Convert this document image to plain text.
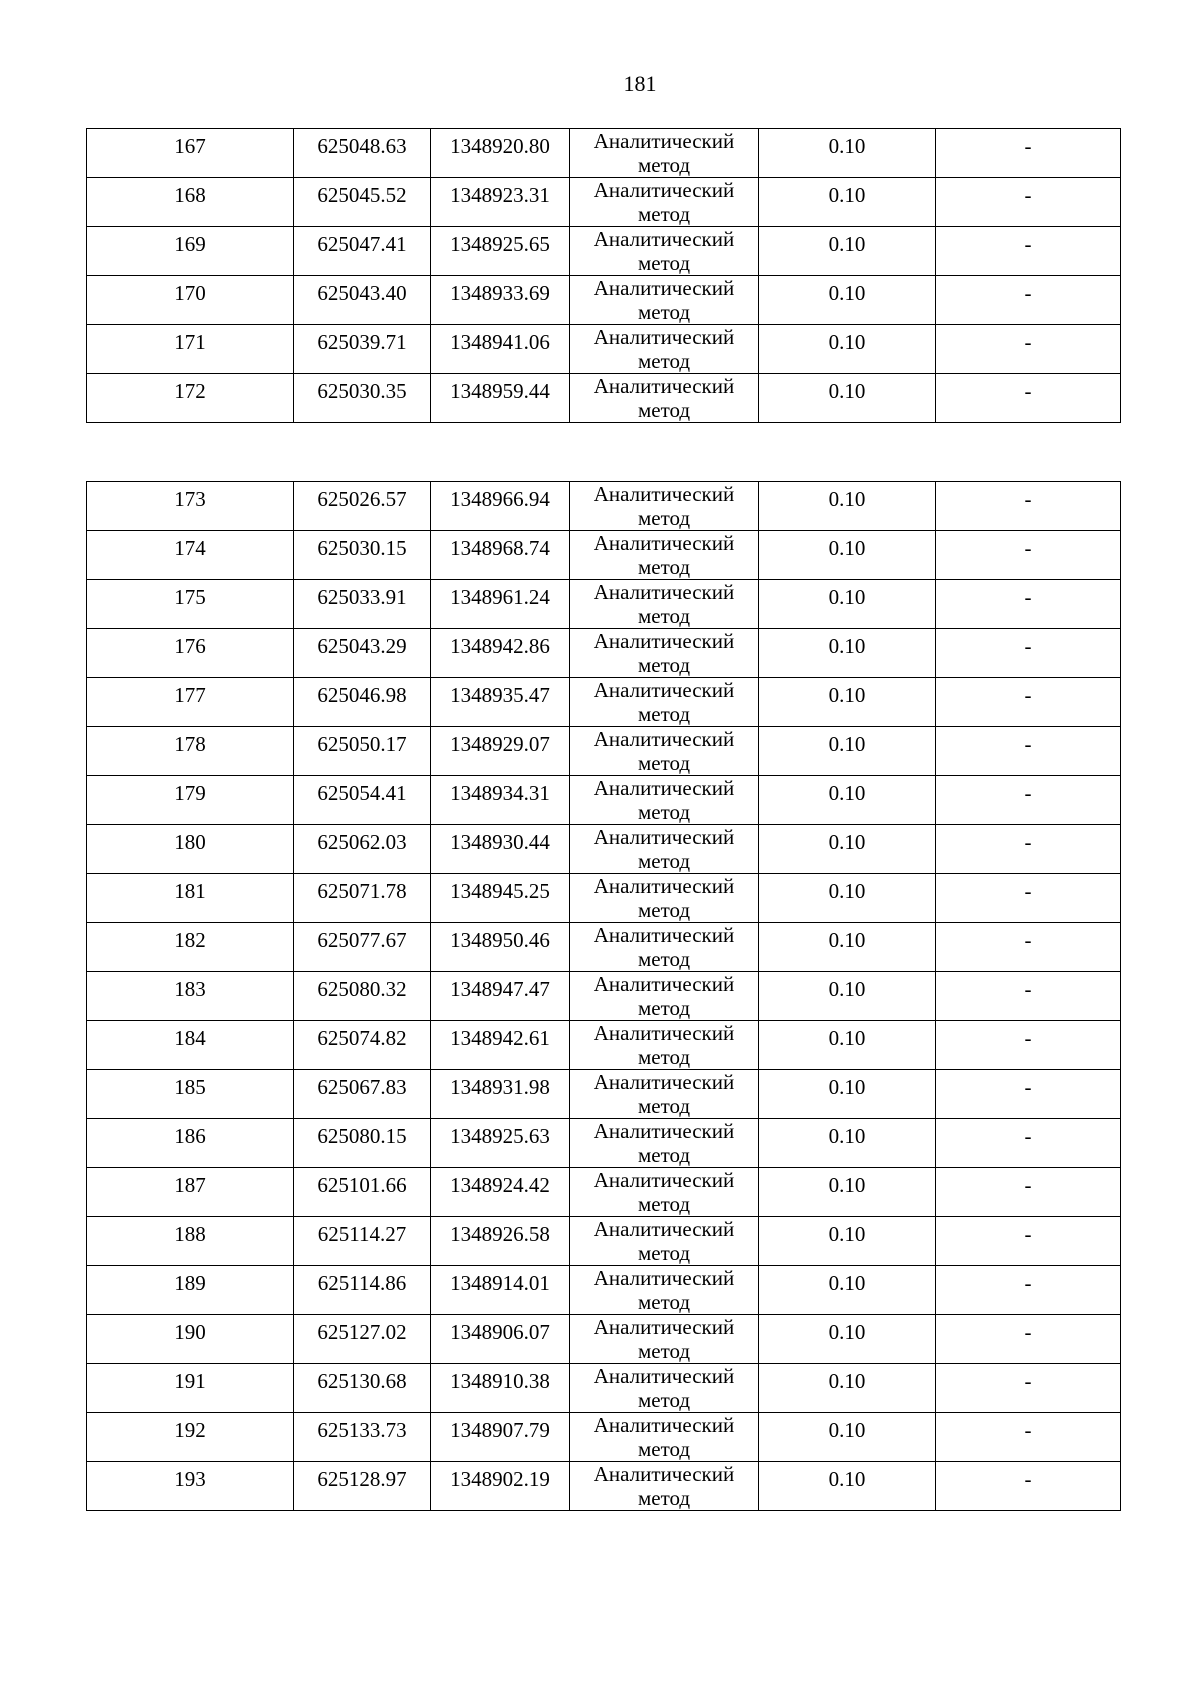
181
167	625048.63	1348920.80	Аналитический метод	0.10	-

168	625045.52	1348923.31	Аналитический метод	0.10	-

169	625047.41	1348925.65	Аналитический метод	0.10	-

170	625043.40	1348933.69	Аналитический метод	0.10	-

171	625039.71	1348941.06	Аналитический метод	0.10	-

172	625030.35	1348959.44	Аналитический метод	0.10	-
173	625026.57	1348966.94	Аналитический метод	0.10	-

174	625030.15	1348968.74	Аналитический метод	0.10	-

175	625033.91	1348961.24	Аналитический метод	0.10	-

176	625043.29	1348942.86	Аналитический метод	0.10	-

177	625046.98	1348935.47	Аналитический метод	0.10	-

178	625050.17	1348929.07	Аналитический метод	0.10	-

179	625054.41	1348934.31	Аналитический метод	0.10	-

180	625062.03	1348930.44	Аналитический метод	0.10	-

181	625071.78	1348945.25	Аналитический метод	0.10	-

182	625077.67	1348950.46	Аналитический метод	0.10	-

183	625080.32	1348947.47	Аналитический метод	0.10	-

184	625074.82	1348942.61	Аналитический метод	0.10	-

185	625067.83	1348931.98	Аналитический метод	0.10	-

186	625080.15	1348925.63	Аналитический метод	0.10	-

187	625101.66	1348924.42	Аналитический метод	0.10	-

188	625114.27	1348926.58	Аналитический метод	0.10	-

189	625114.86	1348914.01	Аналитический метод	0.10	-

190	625127.02	1348906.07	Аналитический метод	0.10	-

191	625130.68	1348910.38	Аналитический метод	0.10	-

192	625133.73	1348907.79	Аналитический метод	0.10	-

193	625128.97	1348902.19	Аналитический метод	0.10	-
